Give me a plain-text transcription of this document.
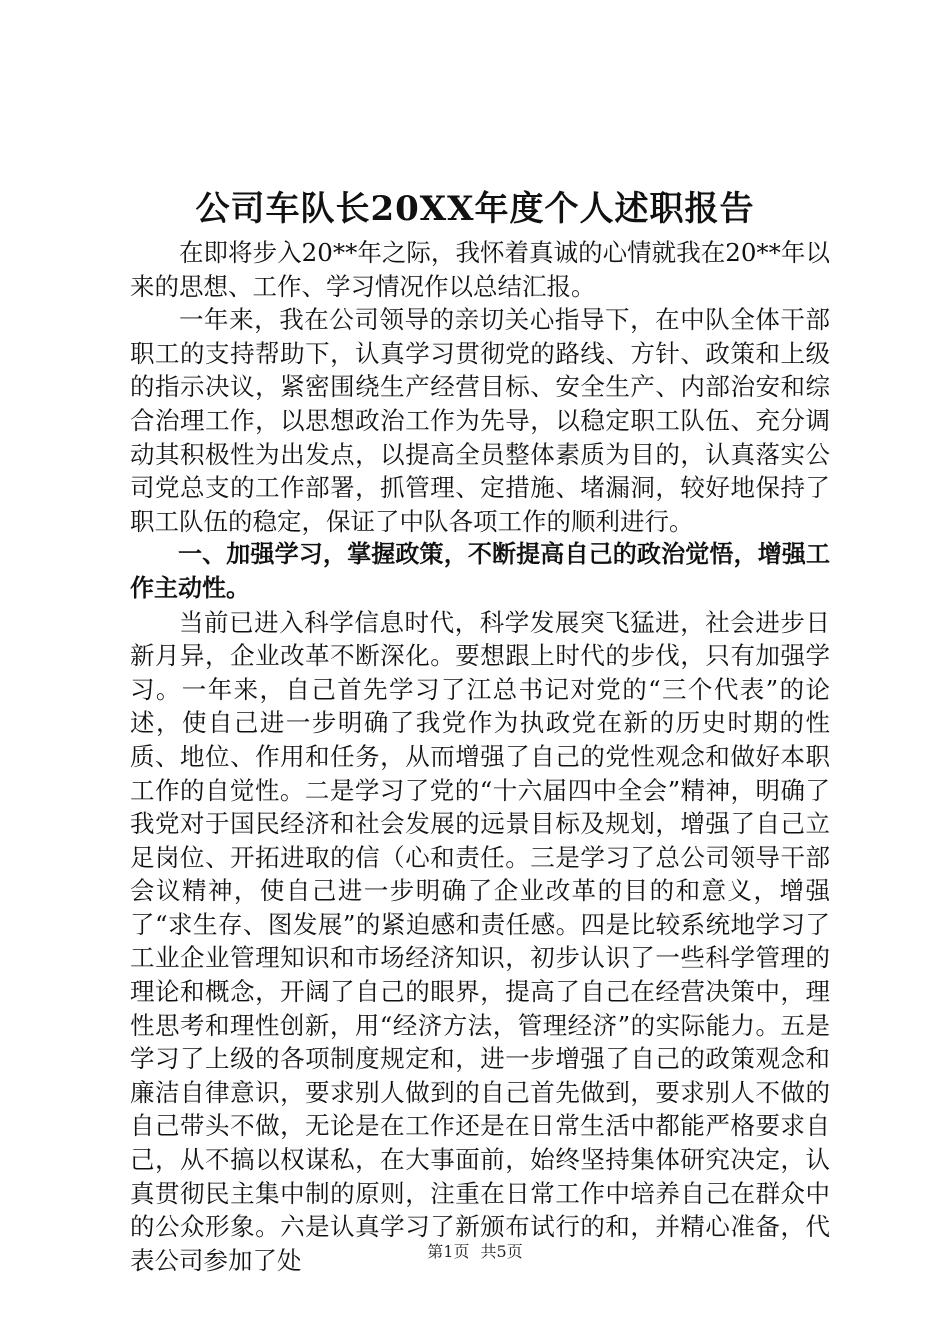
公司车队长20XX年度个人述职报告

在即将步入20**年之际，我怀着真诚的心情就我在20**年以来的思想、工作、学习情况作以总结汇报。

一年来，我在公司领导的亲切关心指导下，在中队全体干部职工的支持帮助下，认真学习贯彻党的路线、方针、政策和上级的指示决议，紧密围绕生产经营目标、安全生产、内部治安和综合治理工作，以思想政治工作为先导，以稳定职工队伍、充分调动其积极性为出发点，以提高全员整体素质为目的，认真落实公司党总支的工作部署，抓管理、定措施、堵漏洞，较好地保持了职工队伍的稳定，保证了中队各项工作的顺利进行。

一、加强学习，掌握政策，不断提高自己的政治觉悟，增强工作主动性。

当前已进入科学信息时代，科学发展突飞猛进，社会进步日新月异，企业改革不断深化。要想跟上时代的步伐，只有加强学习。一年来，自己首先学习了江总书记对党的“三个代表”的论述，使自己进一步明确了我党作为执政党在新的历史时期的性质、地位、作用和任务，从而增强了自己的党性观念和做好本职工作的自觉性。二是学习了党的“十六届四中全会”精神，明确了我党对于国民经济和社会发展的远景目标及规划，增强了自己立足岗位、开拓进取的信（心和责任。三是学习了总公司领导干部会议精神，使自己进一步明确了企业改革的目的和意义，增强了“求生存、图发展”的紧迫感和责任感。四是比较系统地学习了工业企业管理知识和市场经济知识，初步认识了一些科学管理的理论和概念，开阔了自己的眼界，提高了自己在经营决策中，理性思考和理性创新，用“经济方法，管理经济”的实际能力。五是学习了上级的各项制度规定和，进一步增强了自己的政策观念和廉洁自律意识，要求别人做到的自己首先做到，要求别人不做的自己带头不做，无论是在工作还是在日常生活中都能严格要求自己，从不搞以权谋私，在大事面前，始终坚持集体研究决定，认真贯彻民主集中制的原则，注重在日常工作中培养自己在群众中的公众形象。六是认真学习了新颁布试行的和，并精心准备，代表公司参加了处	第1页 共5页
